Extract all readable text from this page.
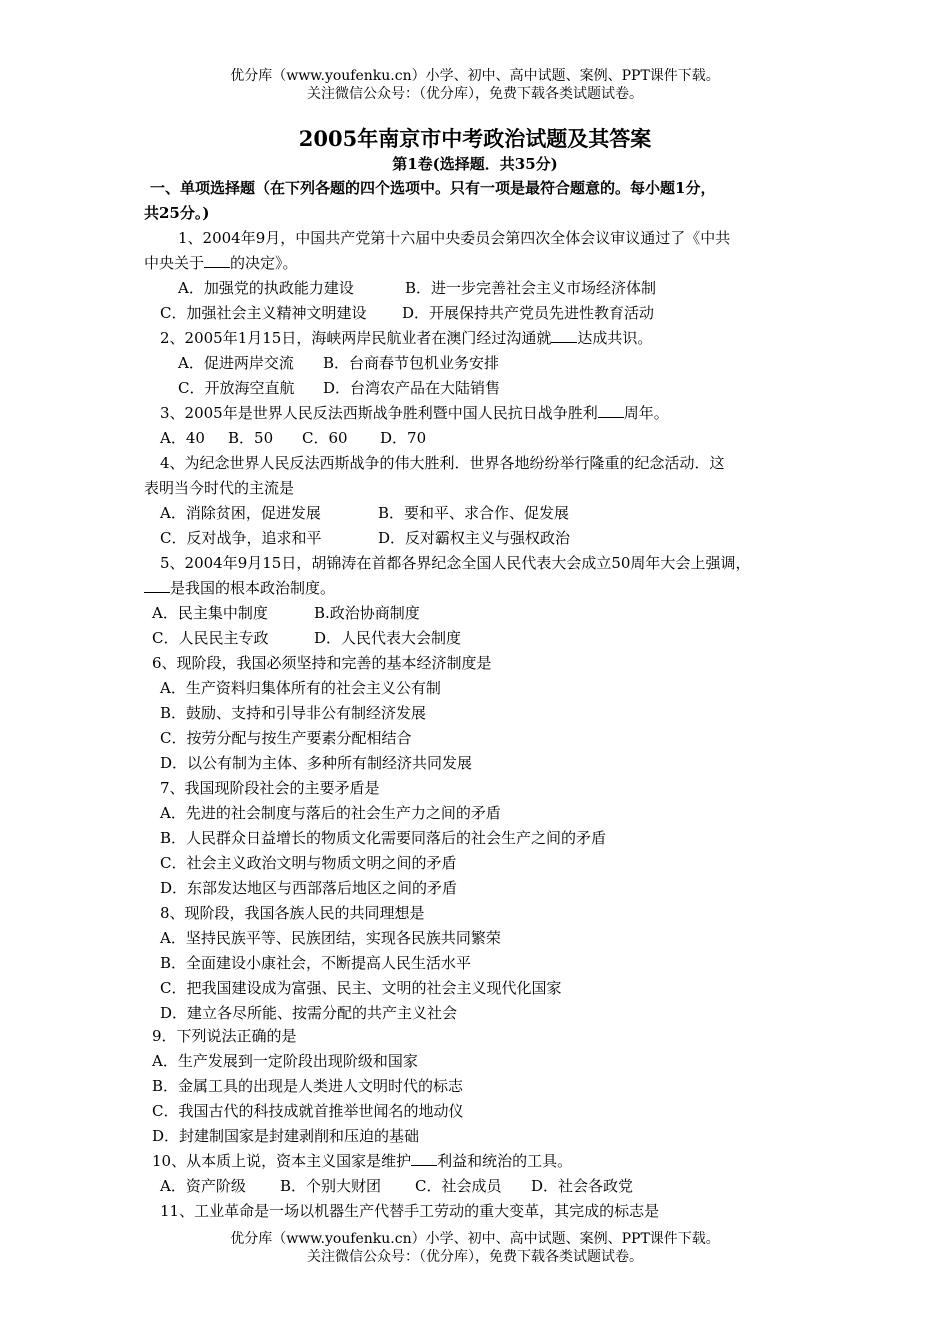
优分库（www.youfenku.cn）小学、初中、高中试题、案例、PPT课件下载。
关注微信公众号：（优分库），免费下载各类试题试卷。
2005年南京市中考政治试题及其答案
第1卷(选择题．共35分)
一、单项选择题（在下列各题的四个选项中。只有一项是最符合题意的。每小题1分，
共25分。)
1、2004年9月，中国共产党第十六届中央委员会第四次全体会议审议通过了《中共
中央关于 的决定》。
A．加强党的执政能力建设	B．进一步完善社会主义市场经济体制
C．加强社会主义精神文明建设 D．开展保持共产党员先进性教育活动
2、2005年1月15日，海峡两岸民航业者在澳门经过沟通就 达成共识。
A．促进两岸交流 B．台商春节包机业务安排
C．开放海空直航 D．台湾农产品在大陆销售
3、2005年是世界人民反法西斯战争胜利暨中国人民抗日战争胜利 周年。
A．40 B．50 C．60 D．70
4、为纪念世界人民反法西斯战争的伟大胜利．世界各地纷纷举行隆重的纪念活动．这
表明当今时代的主流是
A．消除贫困，促进发展	B．要和平、求合作、促发展
C．反对战争，追求和平	D．反对霸权主义与强权政治
5、2004年9月15日，胡锦涛在首都各界纪念全国人民代表大会成立50周年大会上强调，
是我国的根本政治制度。
A．民主集中制度	B.政治协商制度
C．人民民主专政	D．人民代表大会制度
6、现阶段，我国必须坚持和完善的基本经济制度是
A．生产资料归集体所有的社会主义公有制
B．鼓励、支持和引导非公有制经济发展
C．按劳分配与按生产要素分配相结合
D．以公有制为主体、多种所有制经济共同发展
7、我国现阶段社会的主要矛盾是
A．先进的社会制度与落后的社会生产力之间的矛盾
B．人民群众日益增长的物质文化需要同落后的社会生产之间的矛盾
C．社会主义政治文明与物质文明之间的矛盾
D．东部发达地区与西部落后地区之间的矛盾
8、现阶段，我国各族人民的共同理想是
A．坚持民族平等、民族团结，实现各民族共同繁荣
B．全面建设小康社会，不断提高人民生活水平
C．把我国建设成为富强、民主、文明的社会主义现代化国家
D．建立各尽所能、按需分配的共产主义社会
9．下列说法正确的是
A．生产发展到一定阶段出现阶级和国家
B．金属工具的出现是人类进人文明时代的标志
C．我国古代的科技成就首推举世闻名的地动仪
D．封建制国家是封建剥削和压迫的基础
10、从本质上说，资本主义国家是维护 利益和统治的工具。
A．资产阶级 B．个别大财团 C．社会成员 D．社会各政党
11、工业革命是一场以机器生产代替手工劳动的重大变革，其完成的标志是
优分库（www.youfenku.cn）小学、初中、高中试题、案例、PPT课件下载。
关注微信公众号：（优分库），免费下载各类试题试卷。
